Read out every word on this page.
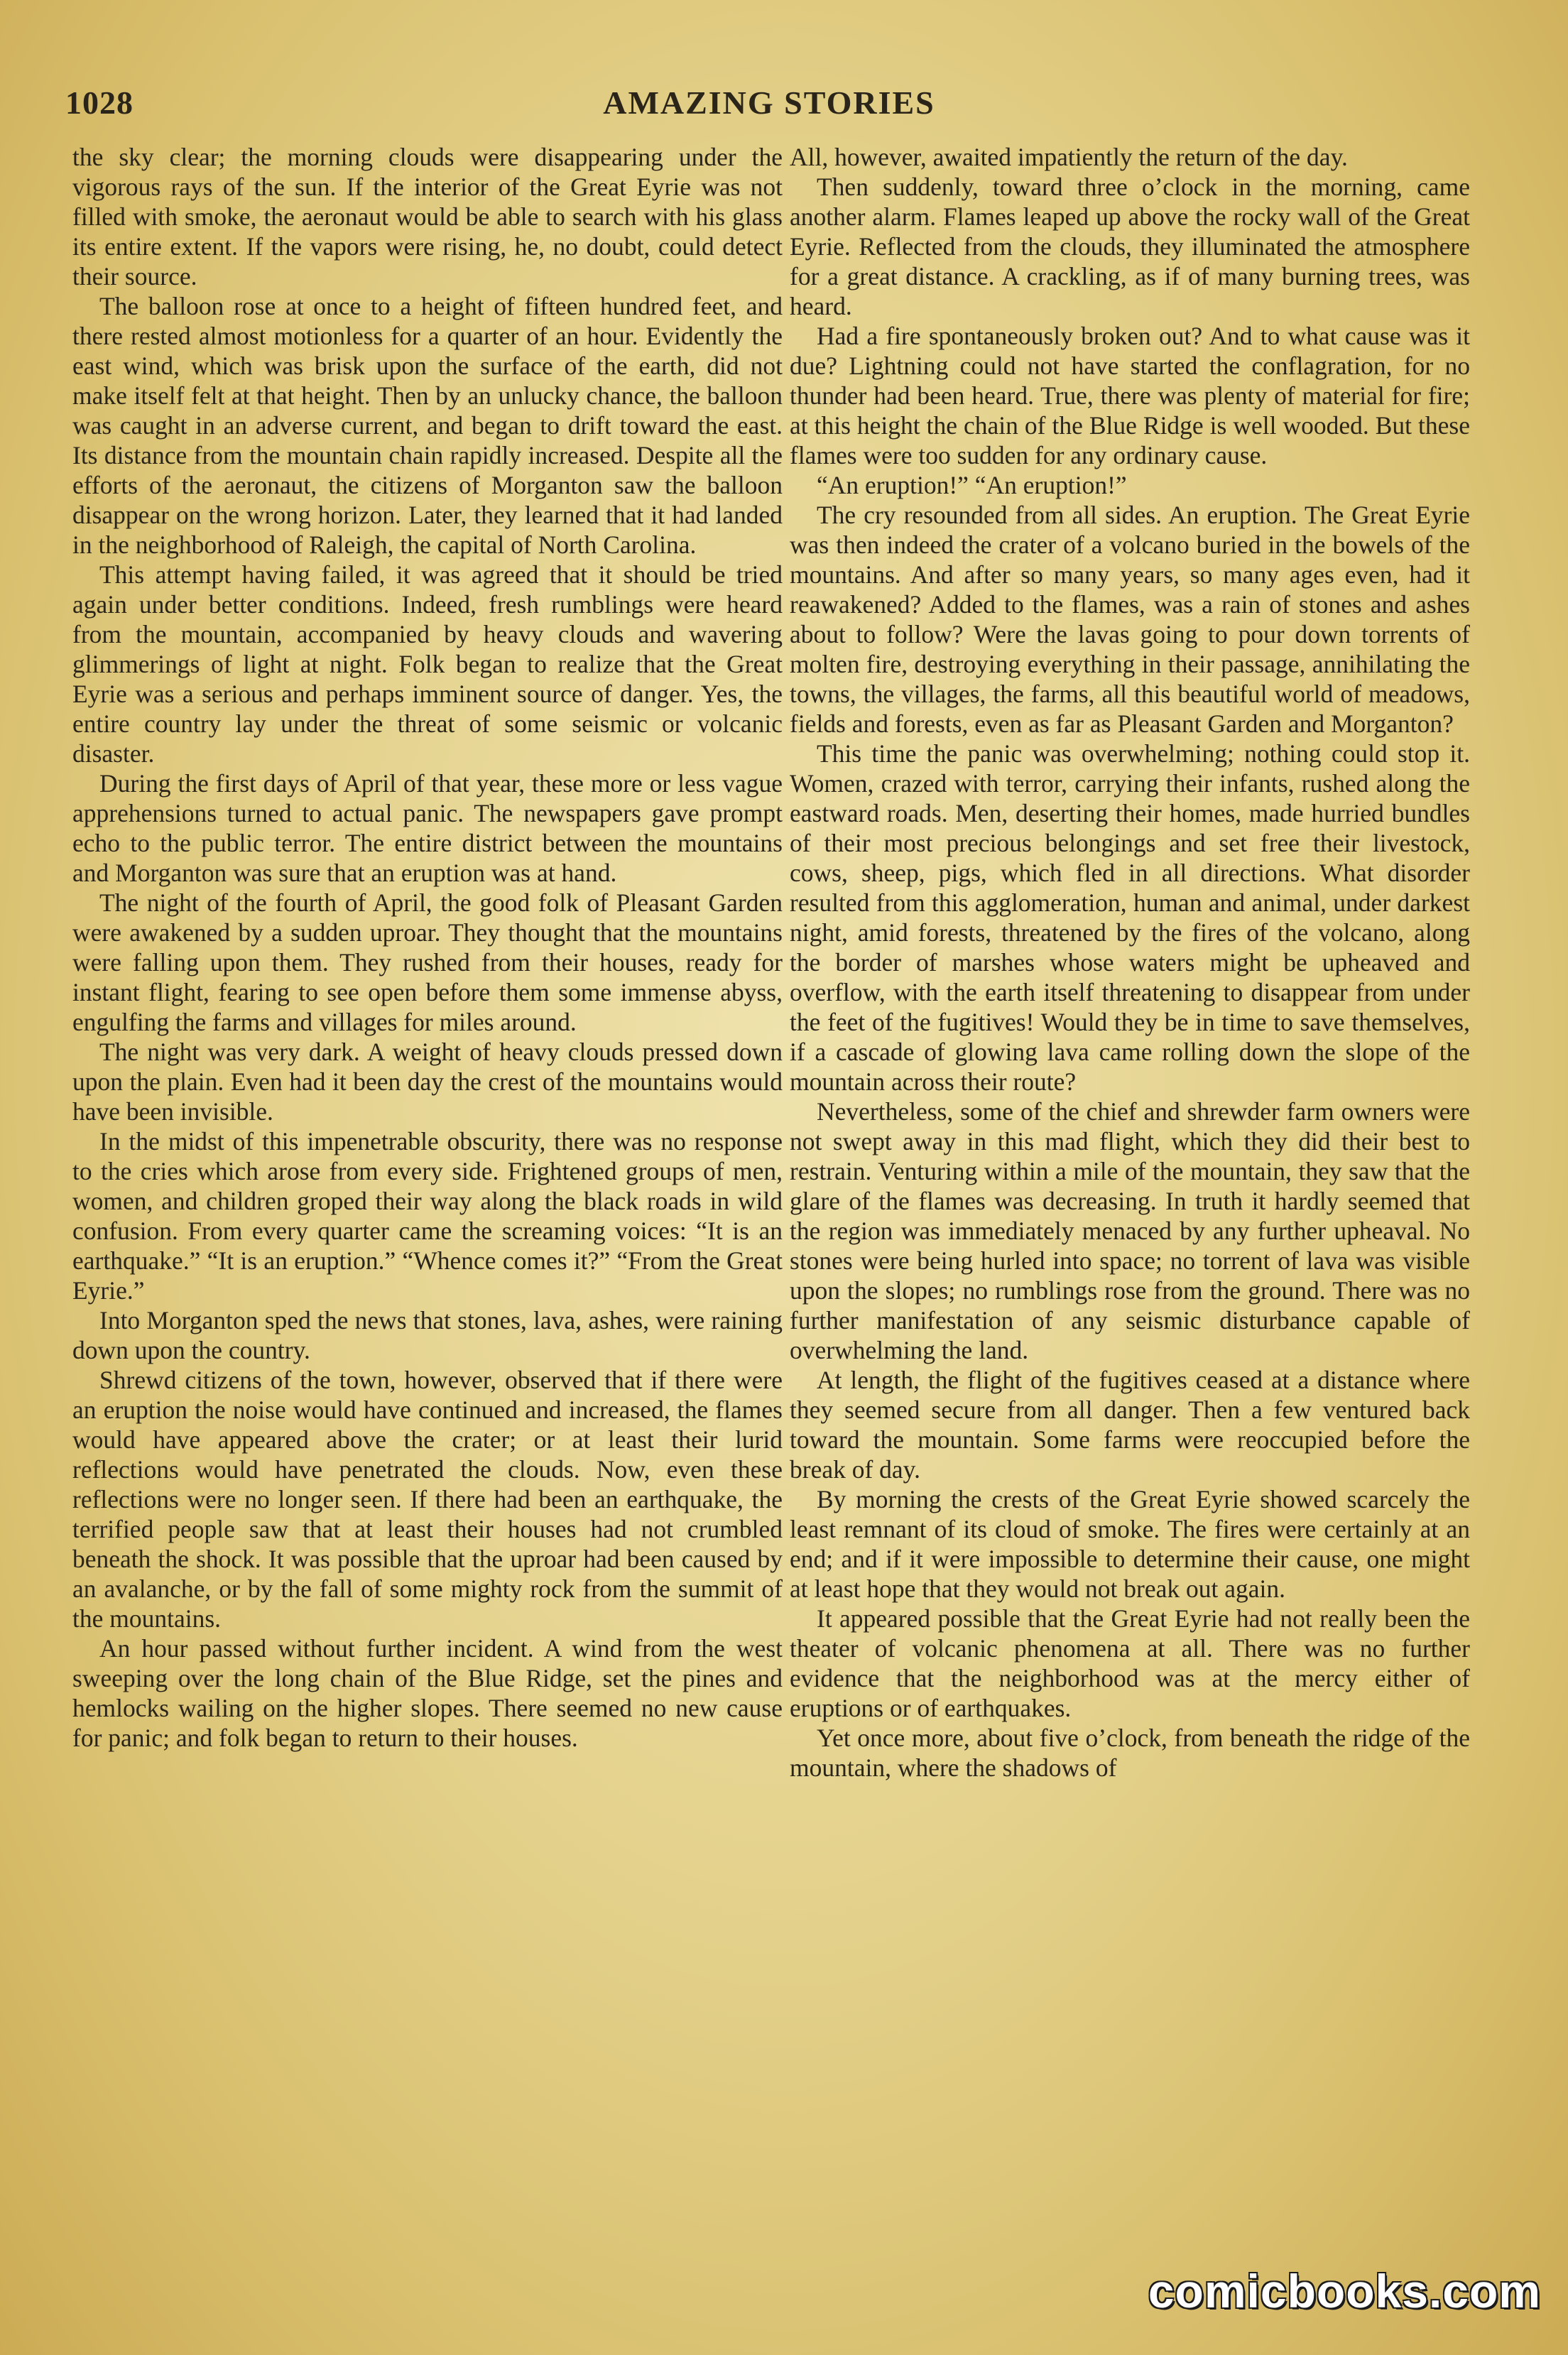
1028	AMAZING STORIES

the sky clear; the morning clouds were disappearing under the vigorous rays of the sun. If the interior of the Great Eyrie was not filled with smoke, the aeronaut would be able to search with his glass its entire extent. If the vapors were rising, he, no doubt, could detect their source.

The balloon rose at once to a height of fifteen hundred feet, and there rested almost motionless for a quarter of an hour. Evidently the east wind, which was brisk upon the surface of the earth, did not make itself felt at that height. Then by an unlucky chance, the balloon was caught in an adverse current, and began to drift toward the east. Its distance from the mountain chain rapidly increased. Despite all the efforts of the aeronaut, the citizens of Morganton saw the balloon disappear on the wrong horizon. Later, they learned that it had landed in the neighborhood of Raleigh, the capital of North Carolina.

This attempt having failed, it was agreed that it should be tried again under better conditions. Indeed, fresh rumblings were heard from the mountain, accompanied by heavy clouds and wavering glimmerings of light at night. Folk began to realize that the Great Eyrie was a serious and perhaps imminent source of danger. Yes, the entire country lay under the threat of some seismic or volcanic disaster.

During the first days of April of that year, these more or less vague apprehensions turned to actual panic. The newspapers gave prompt echo to the public terror. The entire district between the mountains and Morganton was sure that an eruption was at hand.

The night of the fourth of April, the good folk of Pleasant Garden were awakened by a sudden uproar. They thought that the mountains were falling upon them. They rushed from their houses, ready for instant flight, fearing to see open before them some immense abyss, engulfing the farms and villages for miles around.

The night was very dark. A weight of heavy clouds pressed down upon the plain. Even had it been day the crest of the mountains would have been invisible.

In the midst of this impenetrable obscurity, there was no response to the cries which arose from every side. Frightened groups of men, women, and children groped their way along the black roads in wild confusion. From every quarter came the screaming voices: “It is an earthquake.” “It is an eruption.” “Whence comes it?” “From the Great Eyrie.”

Into Morganton sped the news that stones, lava, ashes, were raining down upon the country.

Shrewd citizens of the town, however, observed that if there were an eruption the noise would have continued and increased, the flames would have appeared above the crater; or at least their lurid reflections would have penetrated the clouds. Now, even these reflections were no longer seen. If there had been an earthquake, the terrified people saw that at least their houses had not crumbled beneath the shock. It was possible that the uproar had been caused by an avalanche, or by the fall of some mighty rock from the summit of the mountains.

An hour passed without further incident. A wind from the west sweeping over the long chain of the Blue Ridge, set the pines and hemlocks wailing on the higher slopes. There seemed no new cause for panic; and folk began to return to their houses.

All, however, awaited impatiently the return of the day.

Then suddenly, toward three o’clock in the morning, came another alarm. Flames leaped up above the rocky wall of the Great Eyrie. Reflected from the clouds, they illuminated the atmosphere for a great distance. A crackling, as if of many burning trees, was heard.

Had a fire spontaneously broken out? And to what cause was it due? Lightning could not have started the conflagration, for no thunder had been heard. True, there was plenty of material for fire; at this height the chain of the Blue Ridge is well wooded. But these flames were too sudden for any ordinary cause.

“An eruption!” “An eruption!”

The cry resounded from all sides. An eruption. The Great Eyrie was then indeed the crater of a volcano buried in the bowels of the mountains. And after so many years, so many ages even, had it reawakened? Added to the flames, was a rain of stones and ashes about to follow? Were the lavas going to pour down torrents of molten fire, destroying everything in their passage, annihilating the towns, the villages, the farms, all this beautiful world of meadows, fields and forests, even as far as Pleasant Garden and Morganton?

This time the panic was overwhelming; nothing could stop it. Women, crazed with terror, carrying their infants, rushed along the eastward roads. Men, deserting their homes, made hurried bundles of their most precious belongings and set free their livestock, cows, sheep, pigs, which fled in all directions. What disorder resulted from this agglomeration, human and animal, under darkest night, amid forests, threatened by the fires of the volcano, along the border of marshes whose waters might be upheaved and overflow, with the earth itself threatening to disappear from under the feet of the fugitives! Would they be in time to save themselves, if a cascade of glowing lava came rolling down the slope of the mountain across their route?

Nevertheless, some of the chief and shrewder farm owners were not swept away in this mad flight, which they did their best to restrain. Venturing within a mile of the mountain, they saw that the glare of the flames was decreasing. In truth it hardly seemed that the region was immediately menaced by any further upheaval. No stones were being hurled into space; no torrent of lava was visible upon the slopes; no rumblings rose from the ground. There was no further manifestation of any seismic disturbance capable of overwhelming the land.

At length, the flight of the fugitives ceased at a distance where they seemed secure from all danger. Then a few ventured back toward the mountain. Some farms were reoccupied before the break of day.

By morning the crests of the Great Eyrie showed scarcely the least remnant of its cloud of smoke. The fires were certainly at an end; and if it were impossible to determine their cause, one might at least hope that they would not break out again.

It appeared possible that the Great Eyrie had not really been the theater of volcanic phenomena at all. There was no further evidence that the neighborhood was at the mercy either of eruptions or of earthquakes.

Yet once more, about five o’clock, from beneath the ridge of the mountain, where the shadows of

comicbooks.com
